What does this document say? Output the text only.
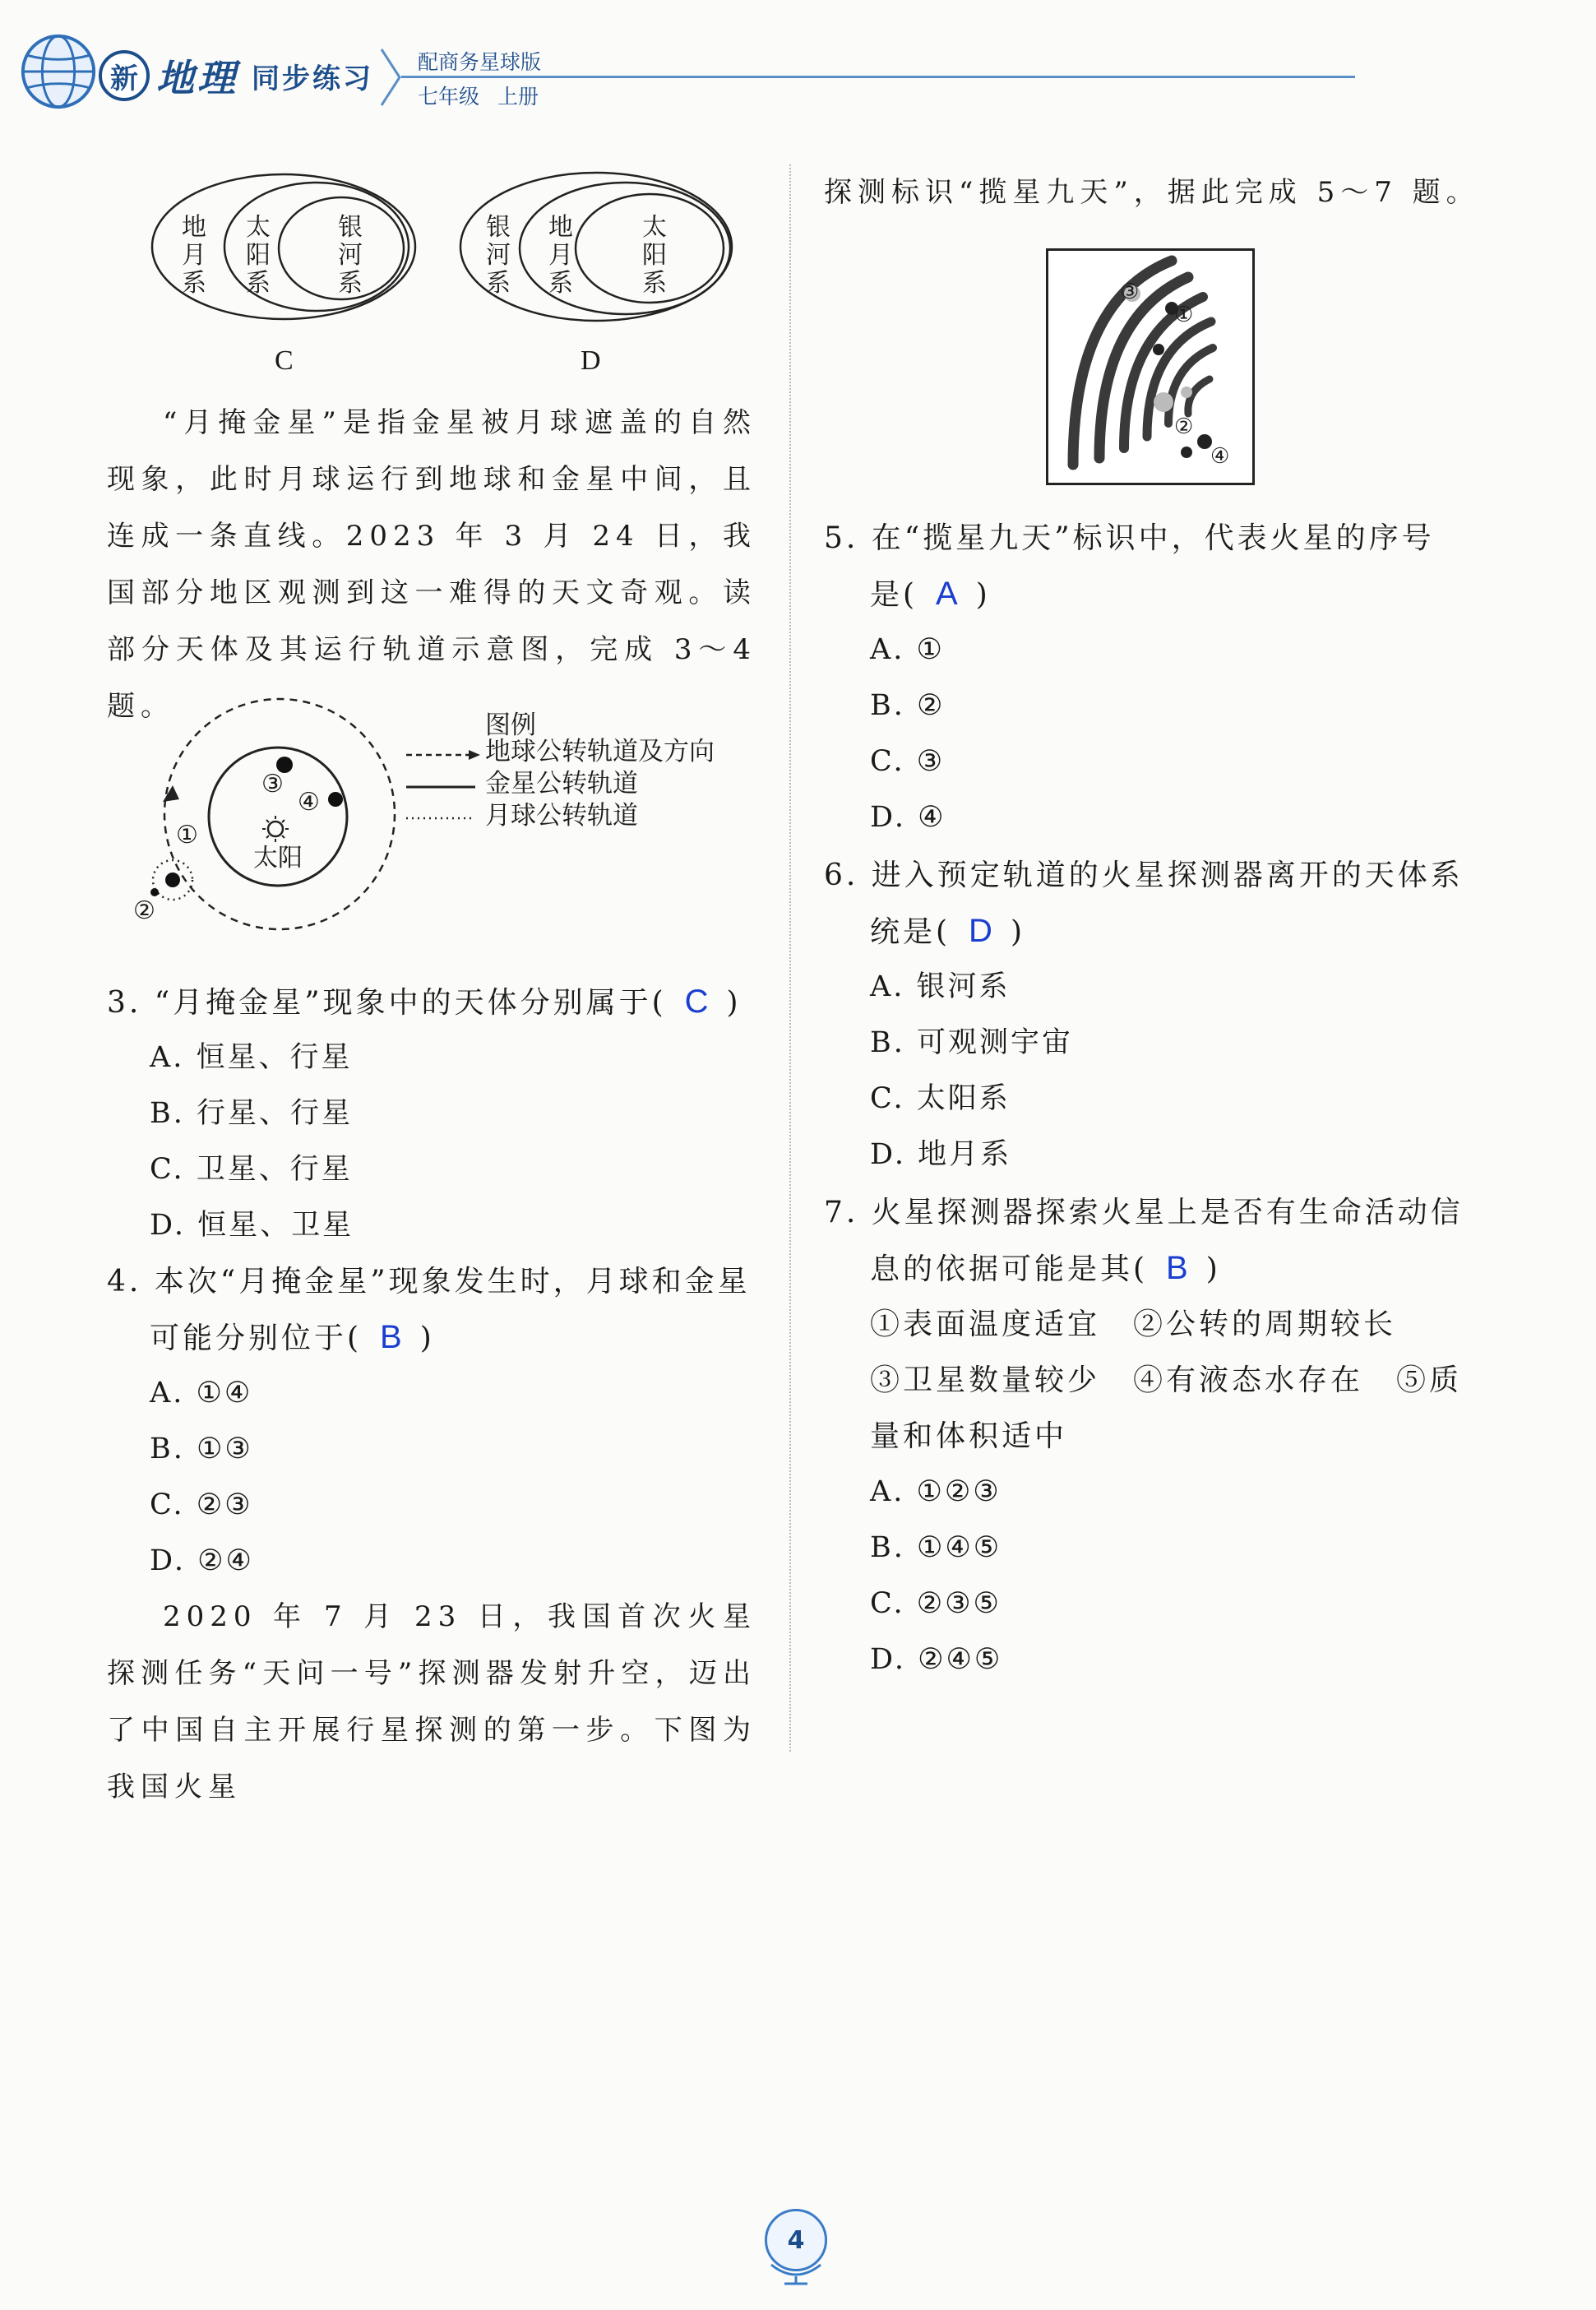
新 地理 同步练习 配商务星球版
七年级 上册
地
月
系
太
阳
系
银
河
系
银
河
系
地
月
系
太
阳
系
C	D
“月掩金星”是指金星被月球遮盖的自然现象，此时月球运行到地球和金星中间，且连成一条直线。2023 年 3 月 24 日，我国部分地区观测到这一难得的天文奇观。读部分天体及其运行轨道示意图，完成 3～4 题。
太阳
①
②
③
④
图例
地球公转轨道及方向
金星公转轨道
月球公转轨道
3. “月掩金星”现象中的天体分别属于( C )
A. 恒星、行星
B. 行星、行星
C. 卫星、行星
D. 恒星、卫星
4. 本次“月掩金星”现象发生时，月球和金星
可能分别位于( B )
A. ①④
B. ①③
C. ②③
D. ②④
2020 年 7 月 23 日，我国首次火星探测任务“天问一号”探测器发射升空，迈出了中国自主开展行星探测的第一步。下图为我国火星
探测标识“揽星九天”，据此完成 5～7 题。
③
①
②
④
5. 在“揽星九天”标识中，代表火星的序号
是( A )
A. ①
B. ②
C. ③
D. ④
6. 进入预定轨道的火星探测器离开的天体系
统是( D )
A. 银河系
B. 可观测宇宙
C. 太阳系
D. 地月系
7. 火星探测器探索火星上是否有生命活动信
息的依据可能是其( B )
①表面温度适宜　②公转的周期较长
③卫星数量较少　④有液态水存在　⑤质
量和体积适中
A. ①②③
B. ①④⑤
C. ②③⑤
D. ②④⑤
4
